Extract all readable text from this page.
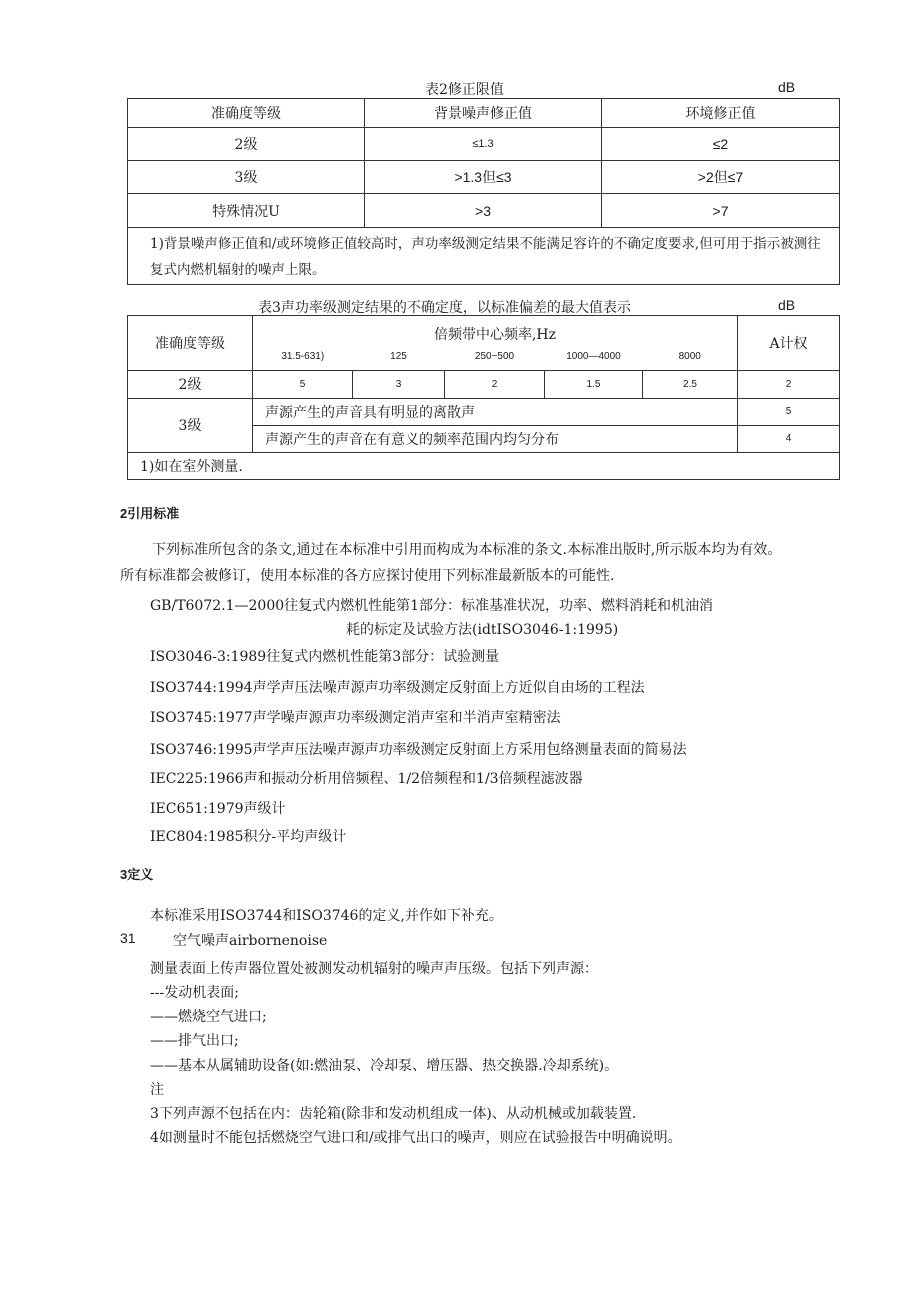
表2修正限值	dB
准确度等级	背景噪声修正值	环境修正值
2级	≤1.3	≤2
3级	>1.3但≤3	>2但≤7
特殊情况U	>3	>7
1)背景噪声修正值和/或环境修正值较高时，声功率级测定结果不能满足容许的不确定度要求,但可用于指示被测往复式内燃机辐射的噪声上限。		
表3声功率级测定结果的不确定度，以标准偏差的最大值表示	dB
准确度等级	倍频带中心频率,Hz					A计权
	31.5-631)	125	250~500	1000—4000	8000	
2级	5	3	2	1.5	2.5	2
3级	声源产生的声音具有明显的离散声					5
	声源产生的声音在有意义的频率范围内均匀分布					4
1)如在室外测量.						
2引用标准
下列标准所包含的条文,通过在本标准中引用而构成为本标准的条文.本标准出版时,所示版本均为有效。
所有标准都会被修订，使用本标准的各方应探讨使用下列标准最新版本的可能性.
GB/T6072.1—2000往复式内燃机性能第1部分：标准基准状况，功率、燃料消耗和机油消
耗的标定及试验方法(idtISO3046-1:1995)
ISO3046-3:1989往复式内燃机性能第3部分：试验测量
ISO3744:1994声学声压法噪声源声功率级测定反射面上方近似自由场的工程法
ISO3745:1977声学噪声源声功率级测定消声室和半消声室精密法
ISO3746:1995声学声压法噪声源声功率级测定反射面上方采用包络测量表面的简易法
IEC225:1966声和振动分析用倍频程、1/2倍频程和1/3倍频程滤波器
IEC651:1979声级计
IEC804:1985积分-平均声级计
3定义
本标准采用ISO3744和ISO3746的定义,并作如下补充。
31	空气噪声airbornenoise
测量表面上传声器位置处被测发动机辐射的噪声声压级。包括下列声源：
---发动机表面;
——燃烧空气进口;
——排气出口;
——基本从属辅助设备(如:燃油泵、冷却泵、增压器、热交换器.冷却系统)。
注
3下列声源不包括在内：齿轮箱(除非和发动机组成一体)、从动机械或加载装置.
4如测量时不能包括燃烧空气进口和/或排气出口的噪声，则应在试验报告中明确说明。
